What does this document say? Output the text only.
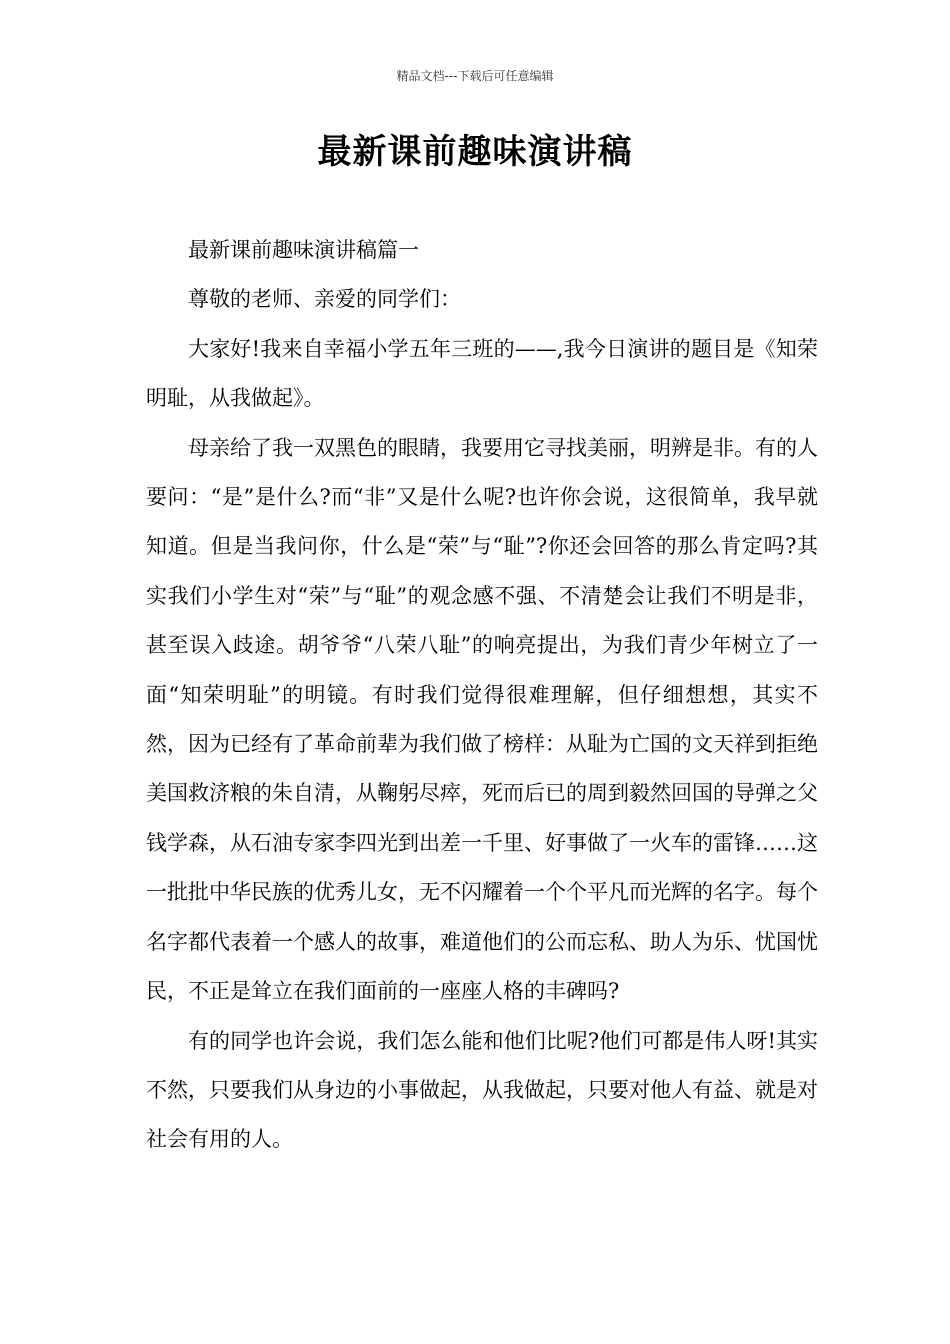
精品文档---下载后可任意编辑
最新课前趣味演讲稿

最新课前趣味演讲稿篇一

尊敬的老师、亲爱的同学们：

大家好!我来自幸福小学五年三班的——,我今日演讲的题目是《知荣明耻，从我做起》。

母亲给了我一双黑色的眼睛，我要用它寻找美丽，明辨是非。有的人要问：“是”是什么?而“非”又是什么呢?也许你会说，这很简单，我早就知道。但是当我问你，什么是“荣”与“耻”?你还会回答的那么肯定吗?其实我们小学生对“荣”与“耻”的观念感不强、不清楚会让我们不明是非，甚至误入歧途。胡爷爷“八荣八耻”的响亮提出，为我们青少年树立了一面“知荣明耻”的明镜。有时我们觉得很难理解，但仔细想想，其实不然，因为已经有了革命前辈为我们做了榜样：从耻为亡国的文天祥到拒绝美国救济粮的朱自清，从鞠躬尽瘁，死而后已的周到毅然回国的导弹之父钱学森，从石油专家李四光到出差一千里、好事做了一火车的雷锋……这一批批中华民族的优秀儿女，无不闪耀着一个个平凡而光辉的名字。每个名字都代表着一个感人的故事，难道他们的公而忘私、助人为乐、忧国忧民，不正是耸立在我们面前的一座座人格的丰碑吗?

有的同学也许会说，我们怎么能和他们比呢?他们可都是伟人呀!其实不然，只要我们从身边的小事做起，从我做起，只要对他人有益、就是对社会有用的人。
